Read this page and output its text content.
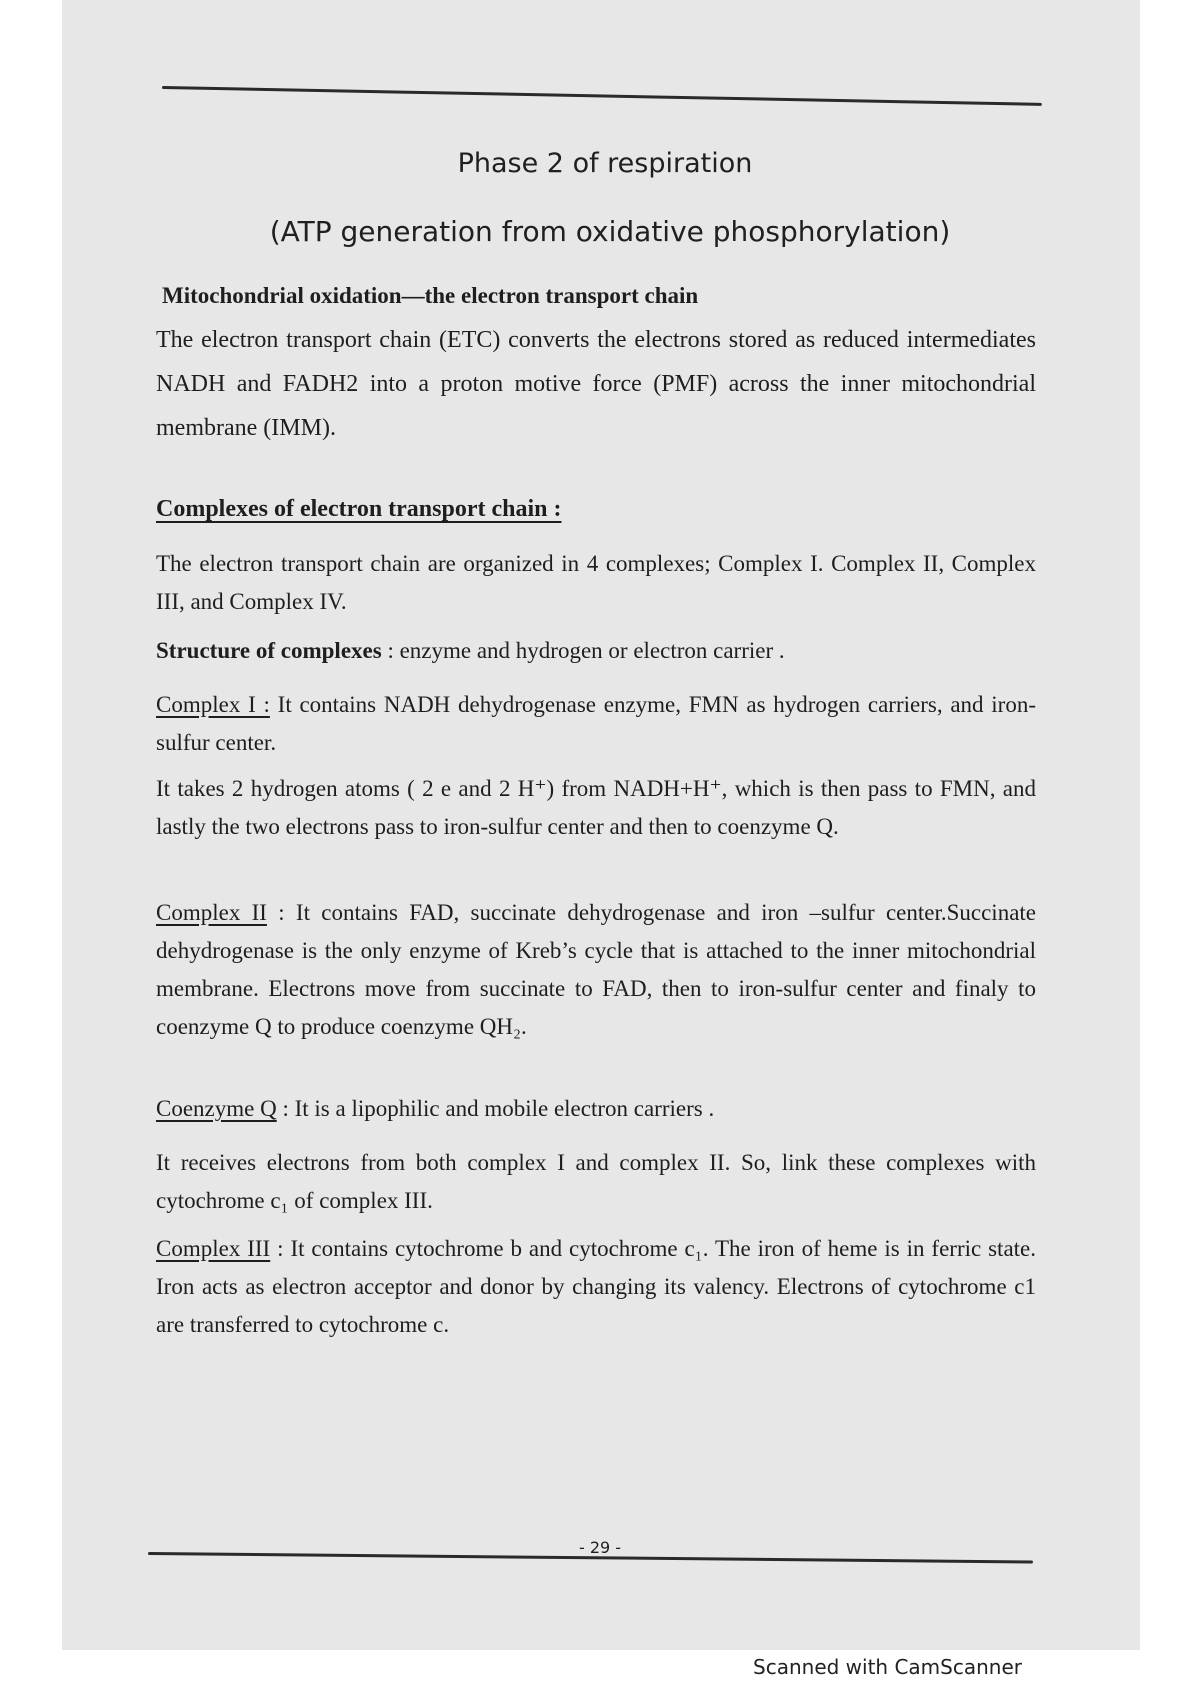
Phase 2 of respiration
(ATP generation from oxidative phosphorylation)
Mitochondrial oxidation—the electron transport chain

The electron transport chain (ETC) converts the electrons stored as reduced intermediates NADH and FADH2 into a proton motive force (PMF) across the inner mitochondrial membrane (IMM).

Complexes of electron transport chain :

The electron transport chain are organized in 4 complexes; Complex I. Complex II, Complex III, and Complex IV.

Structure of complexes : enzyme and hydrogen or electron carrier .

Complex I : It contains NADH dehydrogenase enzyme, FMN as hydrogen carriers, and iron- sulfur center.

It takes 2 hydrogen atoms ( 2 e and 2 H⁺) from NADH+H⁺, which is then pass to FMN, and lastly the two electrons pass to iron-sulfur center and then to coenzyme Q.

Complex II : It contains FAD, succinate dehydrogenase and iron –sulfur center.Succinate dehydrogenase is the only enzyme of Kreb’s cycle that is attached to the inner mitochondrial membrane. Electrons move from succinate to FAD, then to iron-sulfur center and finaly to coenzyme Q to produce coenzyme QH₂.

Coenzyme Q : It is a lipophilic and mobile electron carriers .

It receives electrons from both complex I and complex II. So, link these complexes with cytochrome c₁ of complex III.

Complex III : It contains cytochrome b and cytochrome c₁. The iron of heme is in ferric state. Iron acts as electron acceptor and donor by changing its valency. Electrons of cytochrome c1 are transferred to cytochrome c.

- 29 -
Scanned with CamScanner
